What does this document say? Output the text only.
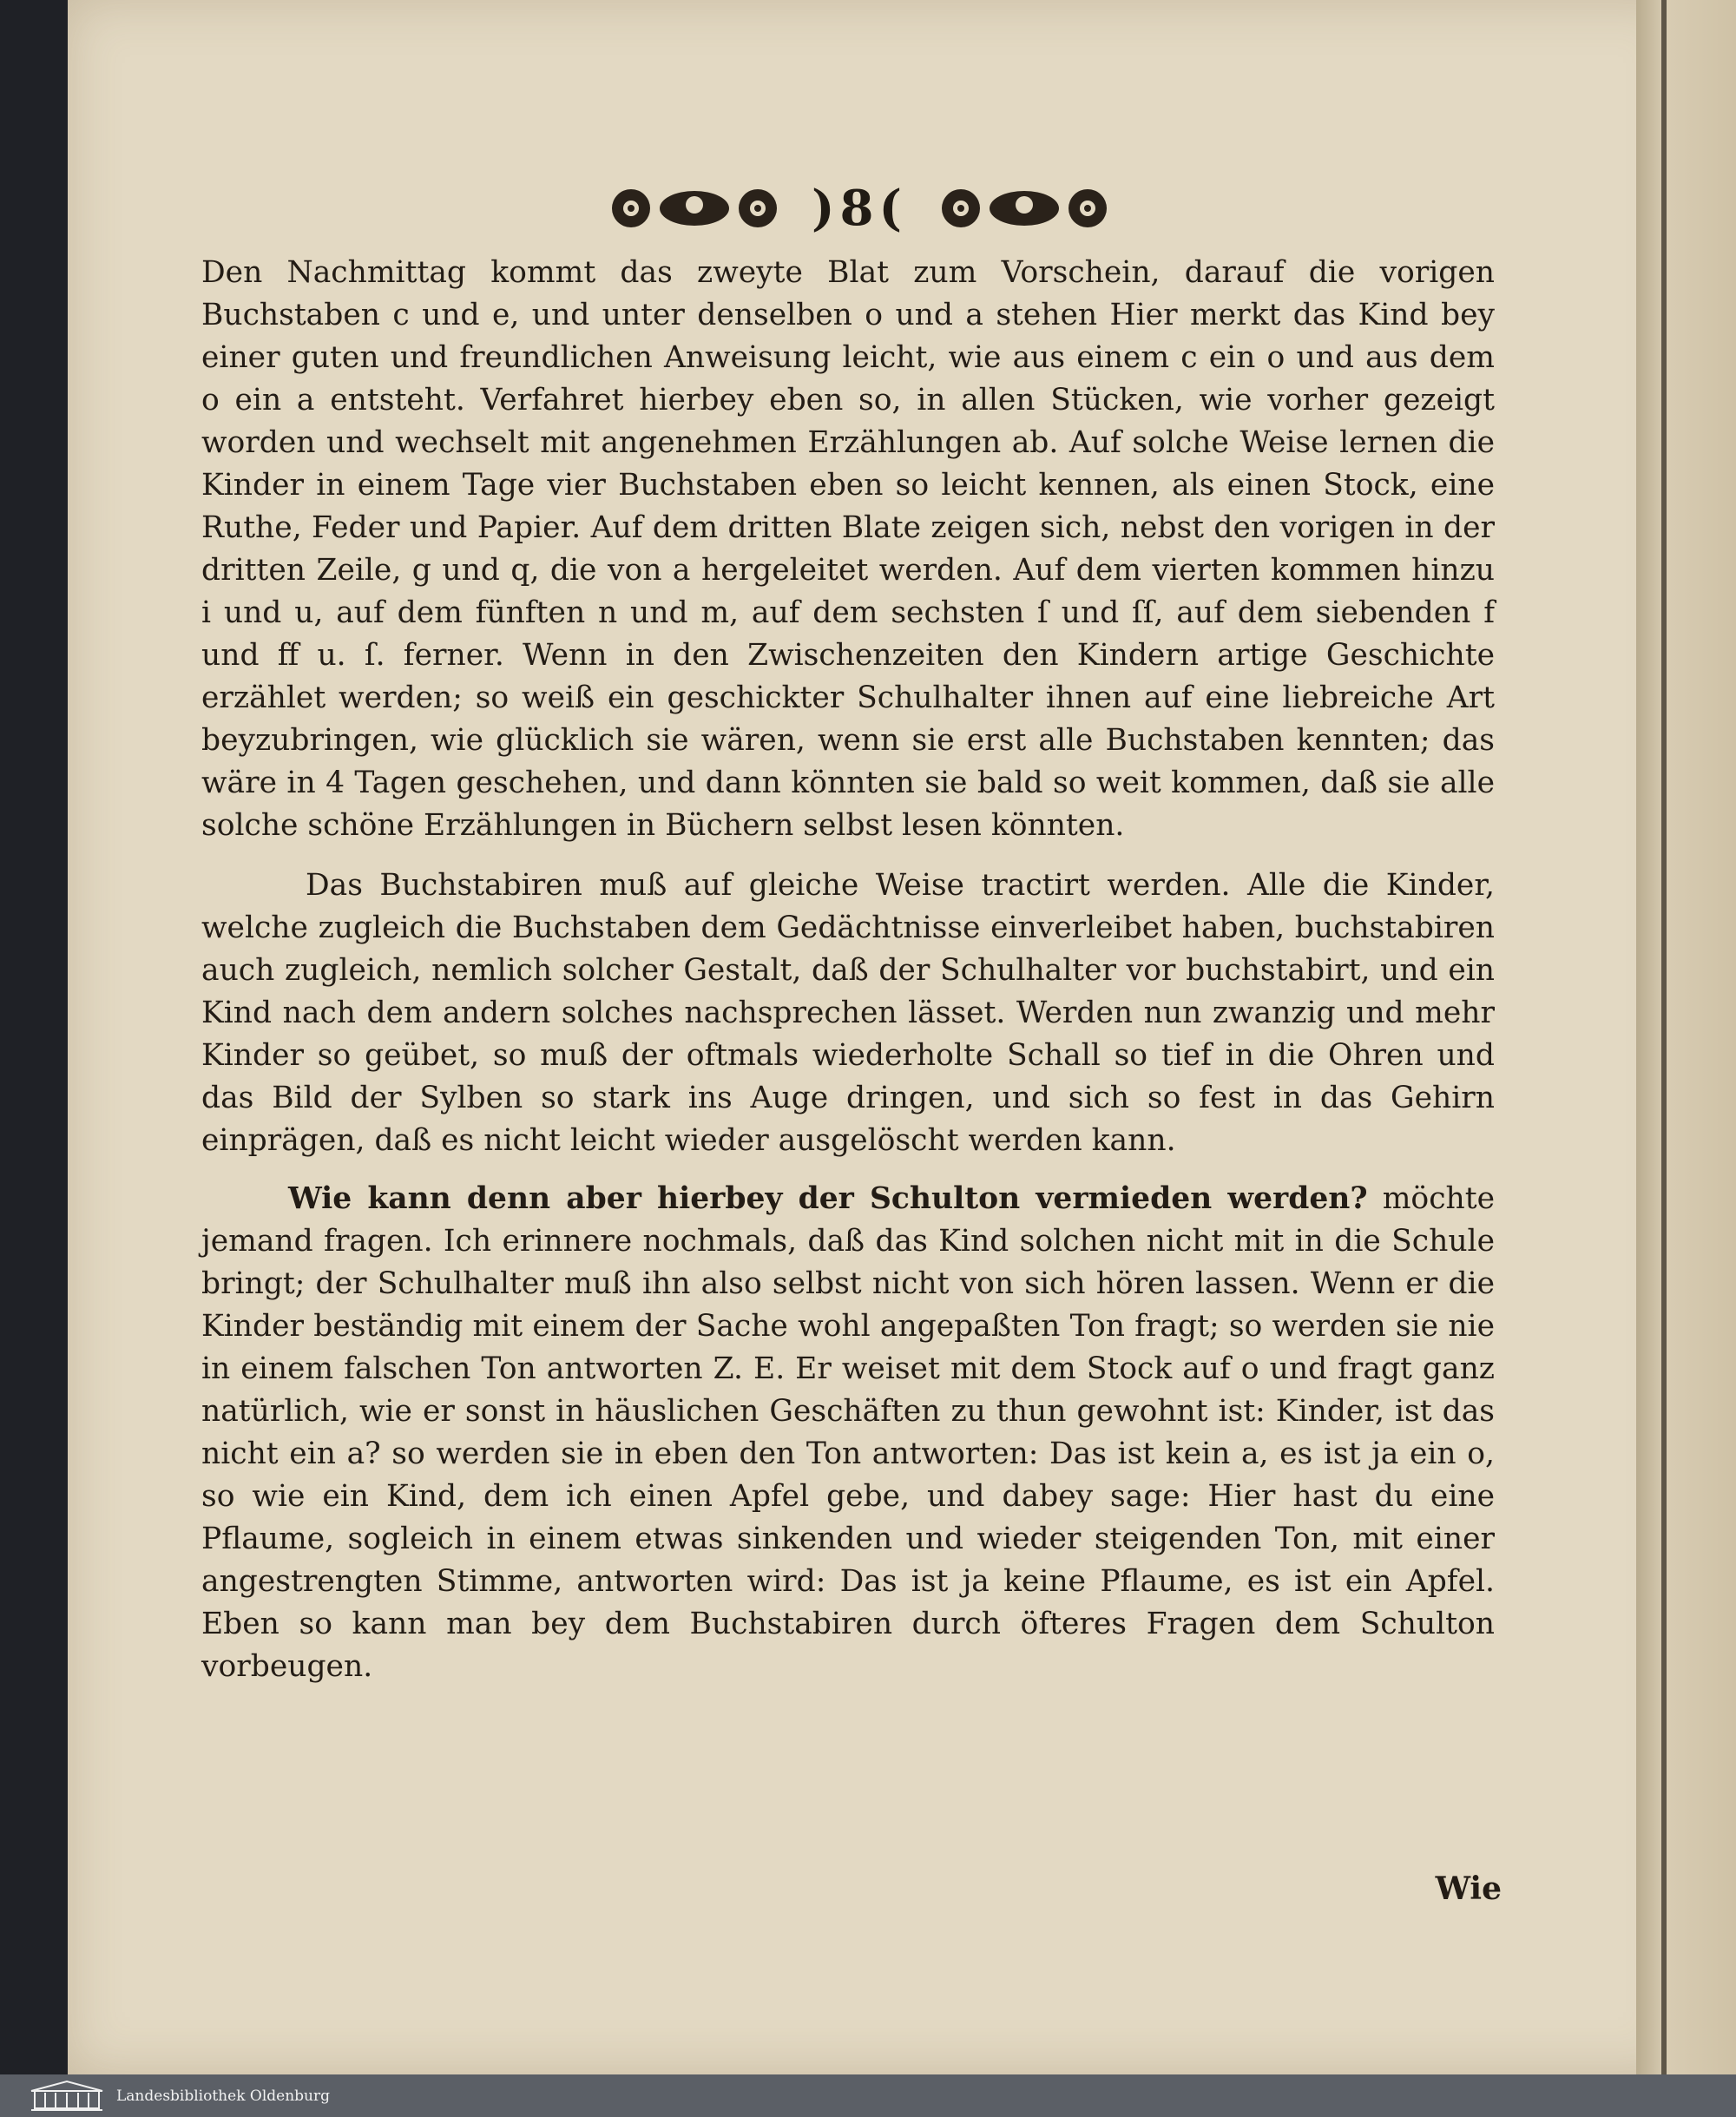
)8(

Den Nachmittag kommt das zweyte Blat zum Vorschein, darauf die vorigen Buchstaben c und e, und unter denselben o und a stehen Hier merkt das Kind bey einer guten und freundlichen Anweisung leicht, wie aus einem c ein o und aus dem o ein a entsteht. Verfahret hierbey eben so, in allen Stücken, wie vorher gezeigt worden und wechselt mit angenehmen Erzählungen ab. Auf solche Weise lernen die Kinder in einem Tage vier Buchstaben eben so leicht kennen, als einen Stock, eine Ruthe, Feder und Papier. Auf dem dritten Blate zeigen sich, nebst den vorigen in der dritten Zeile, g und q, die von a hergeleitet werden. Auf dem vierten kommen hinzu i und u, auf dem fünften n und m, auf dem sechsten ſ und ſſ, auf dem siebenden f und ff u. ſ. ferner. Wenn in den Zwischenzeiten den Kindern artige Geschichte erzählet werden; so weiß ein geschickter Schulhalter ihnen auf eine liebreiche Art beyzubringen, wie glücklich sie wären, wenn sie erst alle Buchstaben kennten; das wäre in 4 Tagen geschehen, und dann könnten sie bald so weit kommen, daß sie alle solche schöne Erzählungen in Büchern selbst lesen könnten.

Das Buchstabiren muß auf gleiche Weise tractirt werden. Alle die Kinder, welche zugleich die Buchstaben dem Gedächtnisse einverleibet haben, buchstabiren auch zugleich, nemlich solcher Gestalt, daß der Schulhalter vor buchstabirt, und ein Kind nach dem andern solches nachsprechen lässet. Werden nun zwanzig und mehr Kinder so geübet, so muß der oftmals wiederholte Schall so tief in die Ohren und das Bild der Sylben so stark ins Auge dringen, und sich so fest in das Gehirn einprägen, daß es nicht leicht wieder ausgelöscht werden kann.

Wie kann denn aber hierbey der Schulton vermieden werden? möchte jemand fragen. Ich erinnere nochmals, daß das Kind solchen nicht mit in die Schule bringt; der Schulhalter muß ihn also selbst nicht von sich hören lassen. Wenn er die Kinder beständig mit einem der Sache wohl angepaßten Ton fragt; so werden sie nie in einem falschen Ton antworten Z. E. Er weiset mit dem Stock auf o und fragt ganz natürlich, wie er sonst in häuslichen Geschäften zu thun gewohnt ist: Kinder, ist das nicht ein a? so werden sie in eben den Ton antworten: Das ist kein a, es ist ja ein o, so wie ein Kind, dem ich einen Apfel gebe, und dabey sage: Hier hast du eine Pflaume, sogleich in einem etwas sinkenden und wieder steigenden Ton, mit einer angestrengten Stimme, antworten wird: Das ist ja keine Pflaume, es ist ein Apfel. Eben so kann man bey dem Buchstabiren durch öfteres Fragen dem Schulton vorbeugen.

Wie
Landesbibliothek Oldenburg
